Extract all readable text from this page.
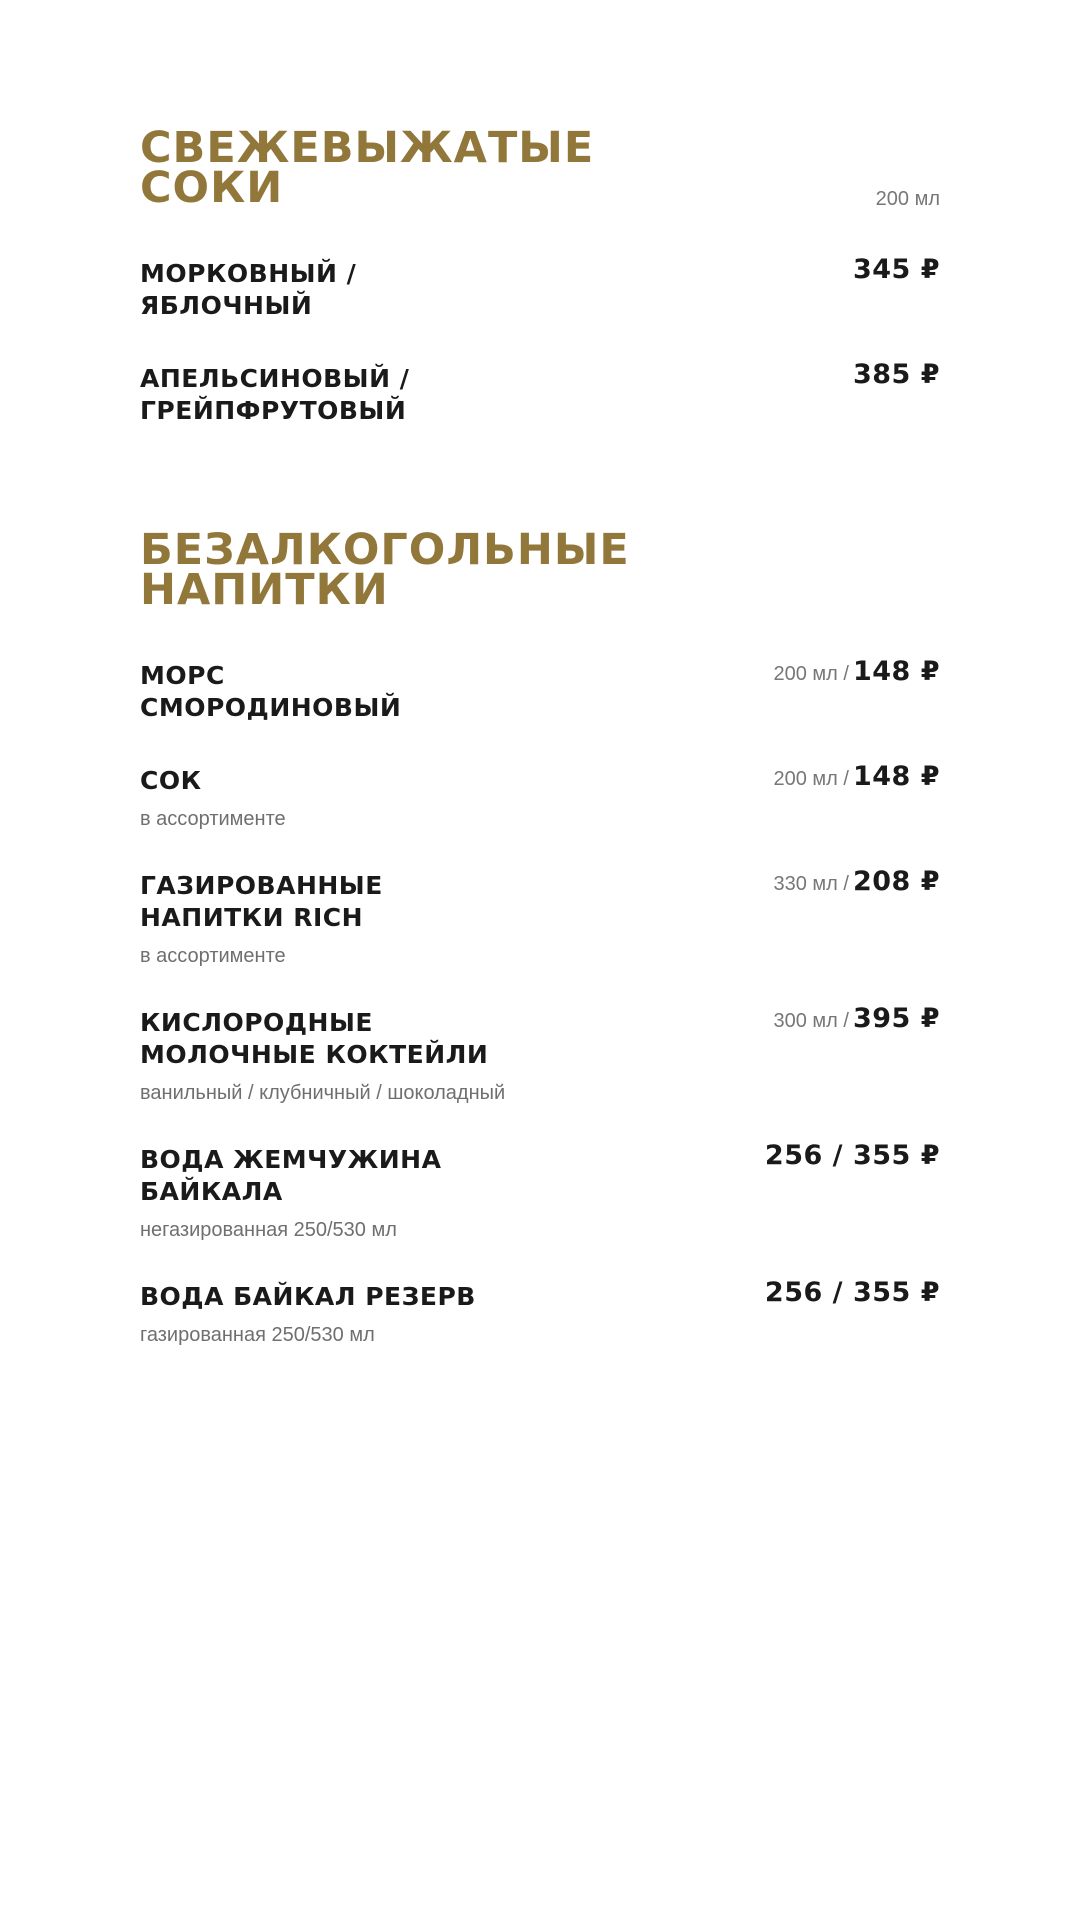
СВЕЖЕВЫЖАТЫЕ
СОКИ	200 мл
МОРКОВНЫЙ /
ЯБЛОЧНЫЙ
345 ₽
АПЕЛЬСИНОВЫЙ /
ГРЕЙПФРУТОВЫЙ
385 ₽
БЕЗАЛКОГОЛЬНЫЕ
НАПИТКИ
МОРС
СМОРОДИНОВЫЙ
200 мл / 148 ₽
СОК
в ассортименте
200 мл / 148 ₽
ГАЗИРОВАННЫЕ
НАПИТКИ RICH
в ассортименте
330 мл / 208 ₽
КИСЛОРОДНЫЕ
МОЛОЧНЫЕ КОКТЕЙЛИ
ванильный / клубничный / шоколадный
300 мл / 395 ₽
ВОДА ЖЕМЧУЖИНА
БАЙКАЛА
негазированная 250/530 мл
256 / 355 ₽
ВОДА БАЙКАЛ РЕЗЕРВ
газированная 250/530 мл
256 / 355 ₽
